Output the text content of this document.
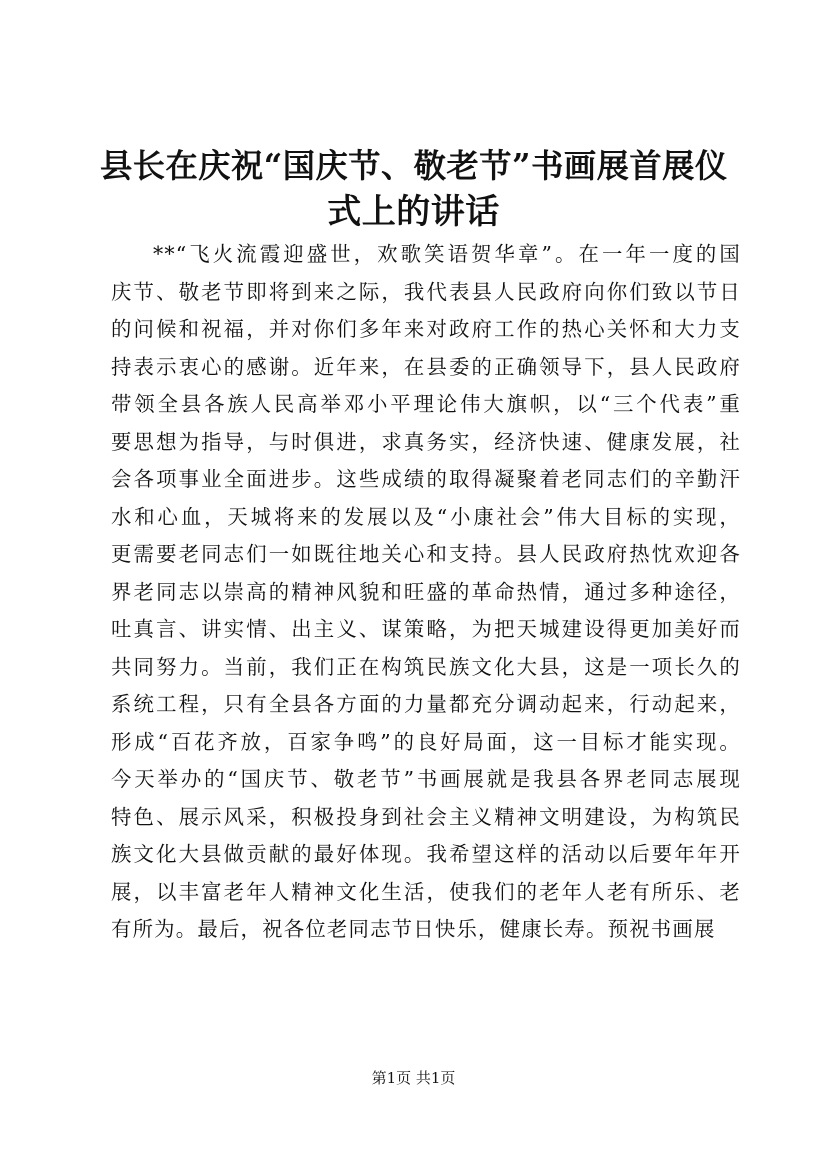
县长在庆祝“国庆节、敬老节”书画展首展仪
式上的讲话
**“飞火流霞迎盛世，欢歌笑语贺华章”。在一年一度的国
庆节、敬老节即将到来之际，我代表县人民政府向你们致以节日
的问候和祝福，并对你们多年来对政府工作的热心关怀和大力支
持表示衷心的感谢。近年来，在县委的正确领导下，县人民政府
带领全县各族人民高举邓小平理论伟大旗帜，以“三个代表”重
要思想为指导，与时俱进，求真务实，经济快速、健康发展，社
会各项事业全面进步。这些成绩的取得凝聚着老同志们的辛勤汗
水和心血，天城将来的发展以及“小康社会”伟大目标的实现，
更需要老同志们一如既往地关心和支持。县人民政府热忱欢迎各
界老同志以崇高的精神风貌和旺盛的革命热情，通过多种途径，
吐真言、讲实情、出主义、谋策略，为把天城建设得更加美好而
共同努力。当前，我们正在构筑民族文化大县，这是一项长久的
系统工程，只有全县各方面的力量都充分调动起来，行动起来，
形成“百花齐放，百家争鸣”的良好局面，这一目标才能实现。
今天举办的“国庆节、敬老节”书画展就是我县各界老同志展现
特色、展示风采，积极投身到社会主义精神文明建设，为构筑民
族文化大县做贡献的最好体现。我希望这样的活动以后要年年开
展，以丰富老年人精神文化生活，使我们的老年人老有所乐、老
有所为。最后，祝各位老同志节日快乐，健康长寿。预祝书画展
第1页 共1页
